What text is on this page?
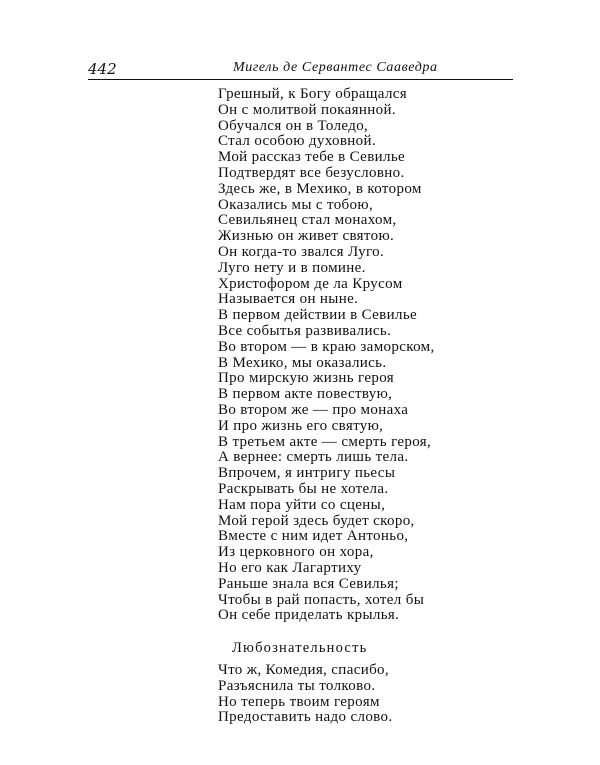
442	Мигель де Сервантес Сааведра
Грешный, к Богу обращался
Он с молитвой покаянной.
Обучался он в Толедо,
Стал особою духовной.
Мой рассказ тебе в Севилье
Подтвердят все безусловно.
Здесь же, в Мехико, в котором
Оказались мы с тобою,
Севильянец стал монахом,
Жизнью он живет святою.
Он когда-то звался Луго.
Луго нету и в помине.
Христофором де ла Крусом
Называется он ныне.
В первом действии в Севилье
Все событья развивались.
Во втором — в краю заморском,
В Мехико, мы оказались.
Про мирскую жизнь героя
В первом акте повествую,
Во втором же — про монаха
И про жизнь его святую,
В третьем акте — смерть героя,
А вернее: смерть лишь тела.
Впрочем, я интригу пьесы
Раскрывать бы не хотела.
Нам пора уйти со сцены,
Мой герой здесь будет скоро,
Вместе с ним идет Антоньо,
Из церковного он хора,
Но его как Лагартиху
Раньше знала вся Севилья;
Чтобы в рай попасть, хотел бы
Он себе приделать крылья.
Любознательность
Что ж, Комедия, спасибо,
Разъяснила ты толково.
Но теперь твоим героям
Предоставить надо слово.
